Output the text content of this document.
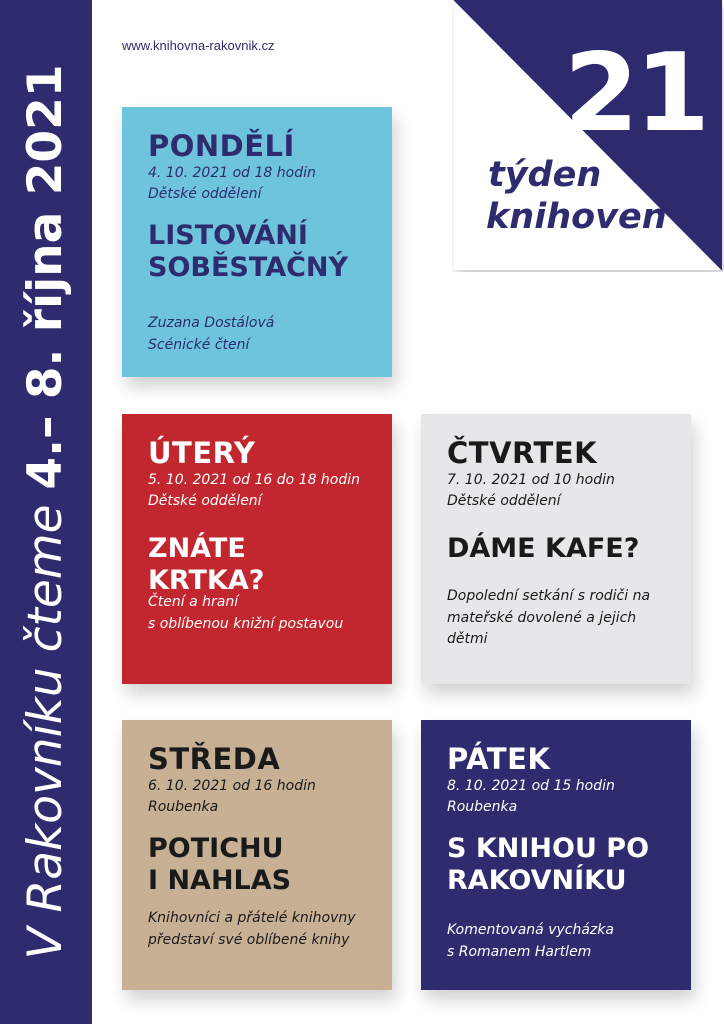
V Rakovníku čteme 4.– 8. října 2021
www.knihovna-rakovnik.cz	21
týden
knihoven
PONDĚLÍ
4. 10. 2021 od 18 hodin
Dětské oddělení
LISTOVÁNÍ
SOBĚSTAČNÝ
Zuzana Dostálová
Scénické čtení
ÚTERÝ
5. 10. 2021 od 16 do 18 hodin
Dětské oddělení
ZNÁTE KRTKA?
Čtení a hraní
s oblíbenou knižní postavou
ČTVRTEK
7. 10. 2021 od 10 hodin
Dětské oddělení
DÁME KAFE?
Dopolední setkání s rodiči na
mateřské dovolené a jejich
dětmi
STŘEDA
6. 10. 2021 od 16 hodin
Roubenka
POTICHU
I NAHLAS
Knihovníci a přátelé knihovny
představí své oblíbené knihy
PÁTEK
8. 10. 2021 od 15 hodin
Roubenka
S KNIHOU PO
RAKOVNÍKU
Komentovaná vycházka
s Romanem Hartlem
